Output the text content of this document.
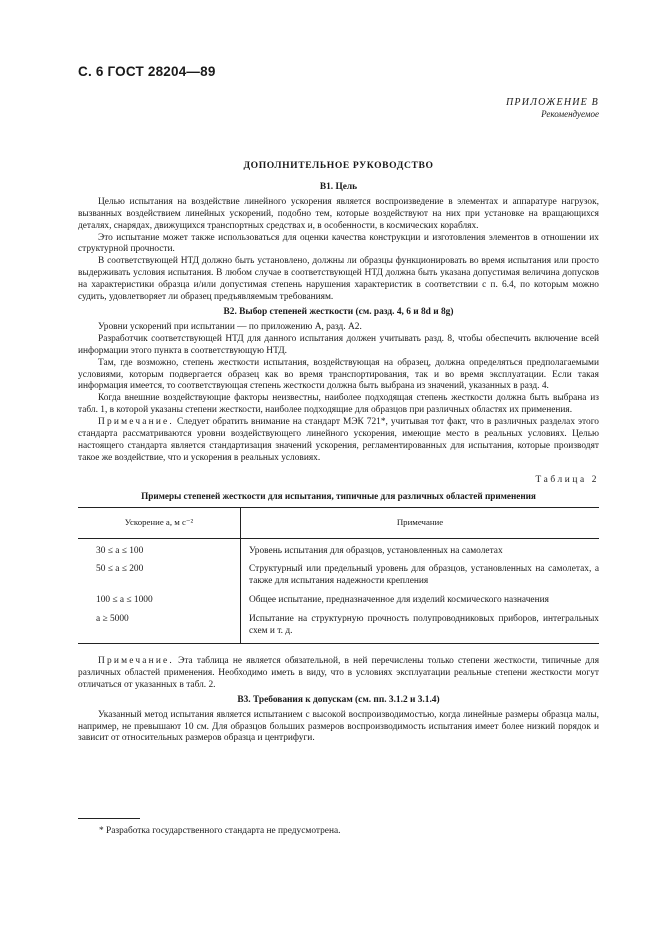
С. 6 ГОСТ 28204—89
ПРИЛОЖЕНИЕ В
Рекомендуемое
ДОПОЛНИТЕЛЬНОЕ РУКОВОДСТВО
В1. Цель

Целью испытания на воздействие линейного ускорения является воспроизведение в элементах и аппаратуре нагрузок, вызванных воздействием линейных ускорений, подобно тем, которые воздействуют на них при установке на вращающихся деталях, снарядах, движущихся транспортных средствах и, в особенности, в космических кораблях.

Это испытание может также использоваться для оценки качества конструкции и изготовления элементов в отношении их структурной прочности.

В соответствующей НТД должно быть установлено, должны ли образцы функционировать во время испытания или просто выдерживать условия испытания. В любом случае в соответствующей НТД должна быть указана допустимая величина допусков на характеристики образца и/или допустимая степень нарушения характеристик в соответствии с п. 6.4, по которым можно судить, удовлетворяет ли образец предъявляемым требованиям.

В2. Выбор степеней жесткости (см. разд. 4, 6 и 8d и 8g)

Уровни ускорений при испытании — по приложению А, разд. А2.

Разработчик соответствующей НТД для данного испытания должен учитывать разд. 8, чтобы обеспечить включение всей информации этого пункта в соответствующую НТД.

Там, где возможно, степень жесткости испытания, воздействующая на образец, должна определяться предполагаемыми условиями, которым подвергается образец как во время транспортирования, так и во время эксплуатации. Если такая информация имеется, то соответствующая степень жесткости должна быть выбрана из значений, указанных в разд. 4.

Когда внешние воздействующие факторы неизвестны, наиболее подходящая степень жесткости должна быть выбрана из табл. 1, в которой указаны степени жесткости, наиболее подходящие для образцов при различных областях их применения.

Примечание. Следует обратить внимание на стандарт МЭК 721*, учитывая тот факт, что в различных разделах этого стандарта рассматриваются уровни воздействующего линейного ускорения, имеющие место в реальных условиях. Целью настоящего стандарта является стандартизация значений ускорения, регламентированных для испытания, которые производят такое же воздействие, что и ускорения в реальных условиях.

Таблица 2
Примеры степеней жесткости для испытания, типичные для различных областей применения
Ускорение a, м с⁻²	Примечание
30 ≤ a ≤ 100	Уровень испытания для образцов, установленных на самолетах
50 ≤ a ≤ 200	Структурный или предельный уровень для образцов, установленных на самолетах, а также для испытания надежности крепления
100 ≤ a ≤ 1000	Общее испытание, предназначенное для изделий космического назначения
a ≥ 5000	Испытание на структурную прочность полупроводниковых приборов, интегральных схем и т. д.

Примечание. Эта таблица не является обязательной, в ней перечислены только степени жесткости, типичные для различных областей применения. Необходимо иметь в виду, что в условиях эксплуатации реальные степени жесткости могут отличаться от указанных в табл. 2.

В3. Требования к допускам (см. пп. 3.1.2 и 3.1.4)

Указанный метод испытания является испытанием с высокой воспроизводимостью, когда линейные размеры образца малы, например, не превышают 10 см. Для образцов больших размеров воспроизводимость испытания имеет более низкий порядок и зависит от относительных размеров образца и центрифуги.

* Разработка государственного стандарта не предусмотрена.
